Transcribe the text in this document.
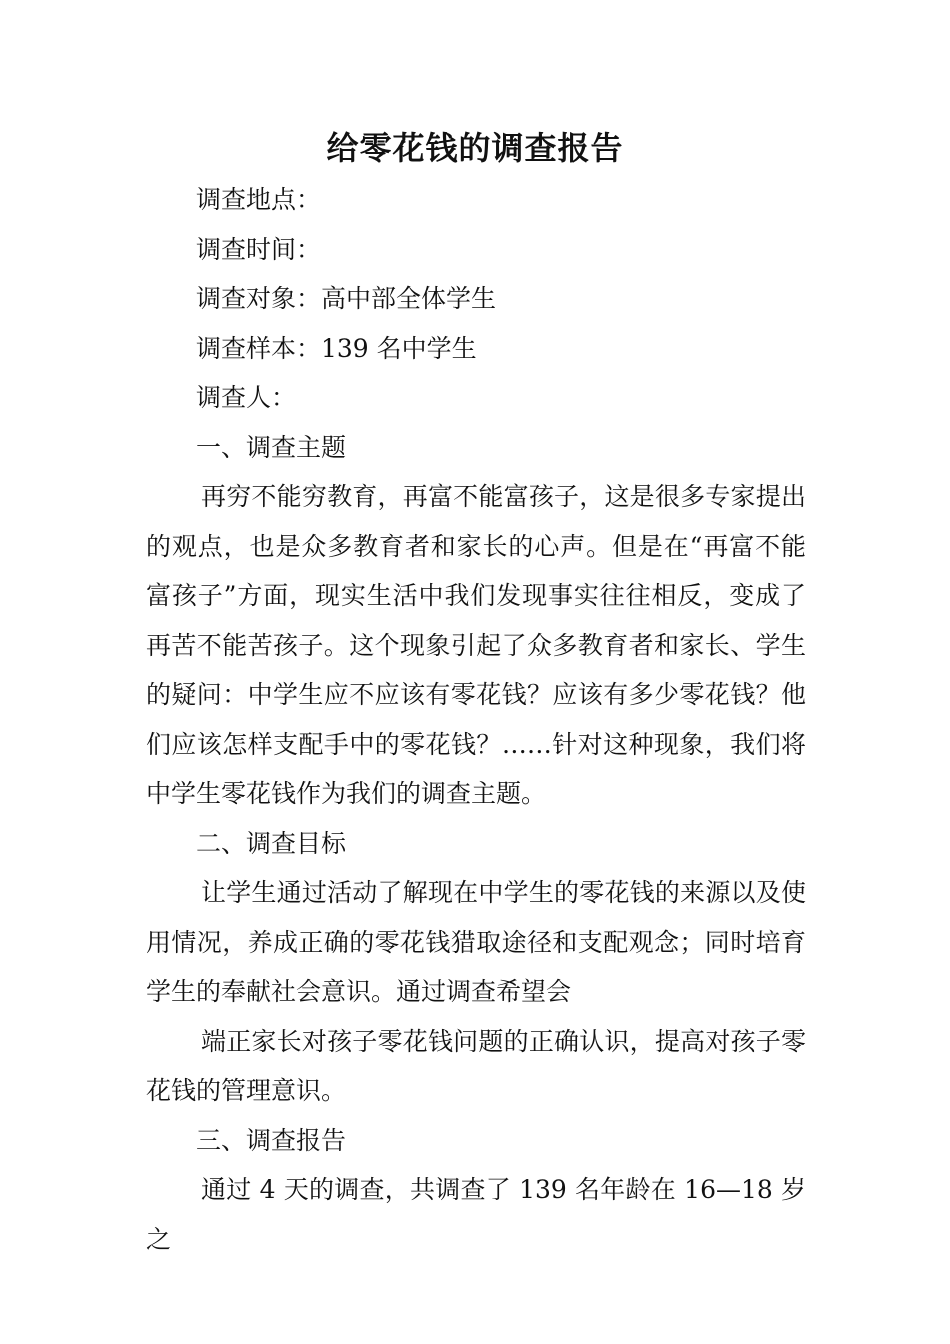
给零花钱的调查报告

调查地点：

调查时间：

调查对象：高中部全体学生

调查样本：139 名中学生

调查人：

一、调查主题

再穷不能穷教育，再富不能富孩子，这是很多专家提出的观点，也是众多教育者和家长的心声。但是在“再富不能富孩子”方面，现实生活中我们发现事实往往相反，变成了再苦不能苦孩子。这个现象引起了众多教育者和家长、学生的疑问：中学生应不应该有零花钱？应该有多少零花钱？他们应该怎样支配手中的零花钱？……针对这种现象，我们将中学生零花钱作为我们的调查主题。

二、调查目标

让学生通过活动了解现在中学生的零花钱的来源以及使用情况，养成正确的零花钱猎取途径和支配观念；同时培育学生的奉献社会意识。通过调查希望会

端正家长对孩子零花钱问题的正确认识，提高对孩子零花钱的管理意识。

三、调查报告

通过 4 天的调查，共调查了 139 名年龄在 16—18 岁之
